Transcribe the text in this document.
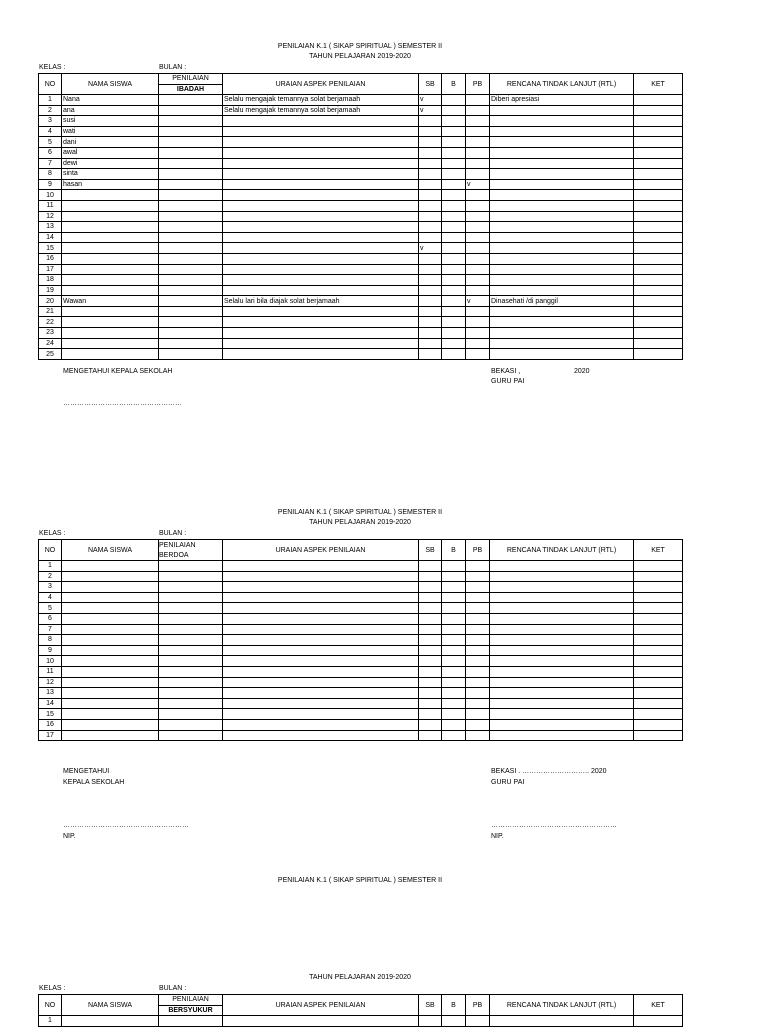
PENILAIAN K.1 ( SIKAP SPIRITUAL ) SEMESTER II
TAHUN PELAJARAN 2019-2020
KELAS :	BULAN :
NO	NAMA SISWA	PENILAIAN
IBADAH	URAIAN ASPEK PENILAIAN	SB	B	PB	RENCANA TINDAK LANJUT (RTL)	KET
1	Nana		Selalu mengajak temannya solat berjamaah	v			Diberi apresiasi	
2	ana		Selalu mengajak temannya solat berjamaah	v				
3	susi							
4	wati							
5	dani							
6	awal							
7	dewi							
8	sinta							
9	hasan					v		
10								
11								
12								
13								
14								
15				v				
16								
17								
18								
19								
20	Wawan		Selalu lari bila diajak solat berjamaah			v	Dinasehati /di panggil	
21								
22								
23								
24								
25								
MENGETAHUI KEPALA SEKOLAH
……………………………………………
BEKASI ,	2020
GURU PAI
PENILAIAN K.1 ( SIKAP SPIRITUAL ) SEMESTER II
TAHUN PELAJARAN 2019-2020
KELAS :	BULAN :
NO	NAMA SISWA	PENILAIAN
BERDOA	URAIAN ASPEK PENILAIAN	SB	B	PB	RENCANA TINDAK LANJUT (RTL)	KET
1								
2								
3								
4								
5								
6								
7								
8								
9								
10								
11								
12								
13								
14								
15								
16								
17								
MENGETAHUI
KEPALA SEKOLAH
………………………………………………
NIP.
BEKASI . ……………………….. 2020
GURU PAI
………………………………………………
NIP.
PENILAIAN K.1 ( SIKAP SPIRITUAL ) SEMESTER II
TAHUN PELAJARAN 2019-2020
KELAS :	BULAN :
NO	NAMA SISWA	PENILAIAN
BERSYUKUR	URAIAN ASPEK PENILAIAN	SB	B	PB	RENCANA TINDAK LANJUT (RTL)	KET
1								
